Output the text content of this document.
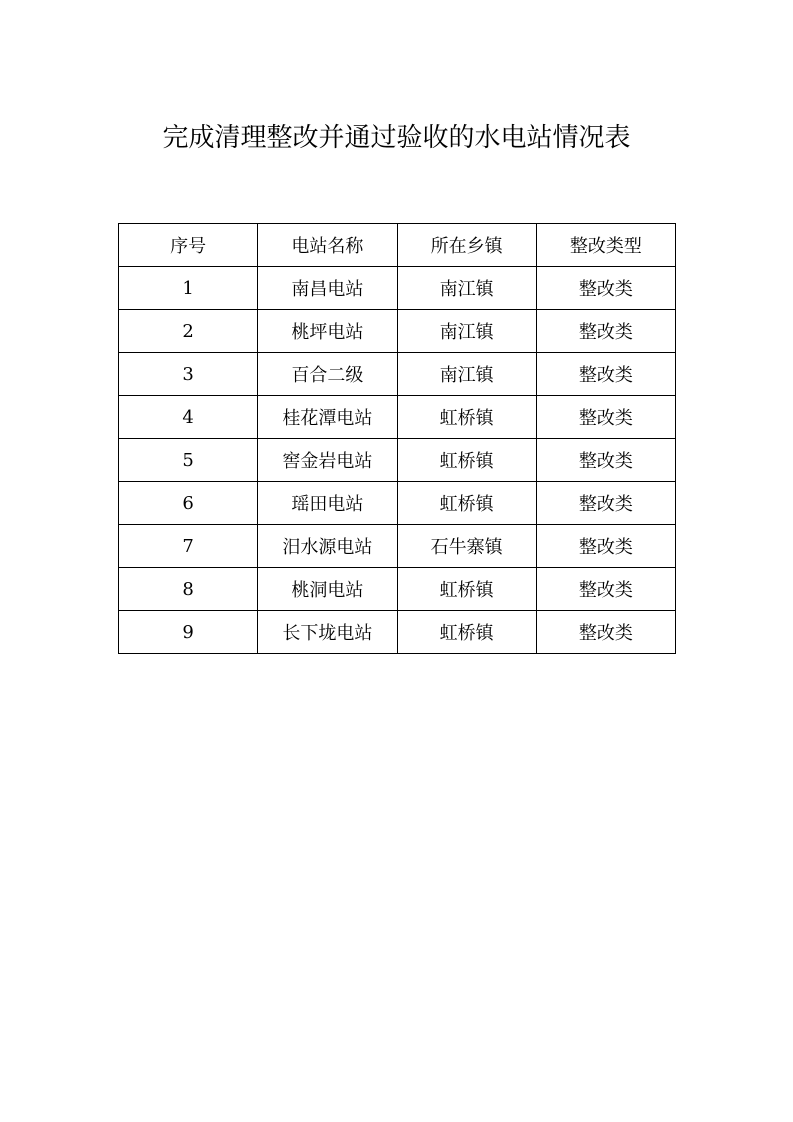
完成清理整改并通过验收的水电站情况表
序号	电站名称	所在乡镇	整改类型
1	南昌电站	南江镇	整改类
2	桃坪电站	南江镇	整改类
3	百合二级	南江镇	整改类
4	桂花潭电站	虹桥镇	整改类
5	窖金岩电站	虹桥镇	整改类
6	瑶田电站	虹桥镇	整改类
7	汨水源电站	石牛寨镇	整改类
8	桃洞电站	虹桥镇	整改类
9	长下垅电站	虹桥镇	整改类
